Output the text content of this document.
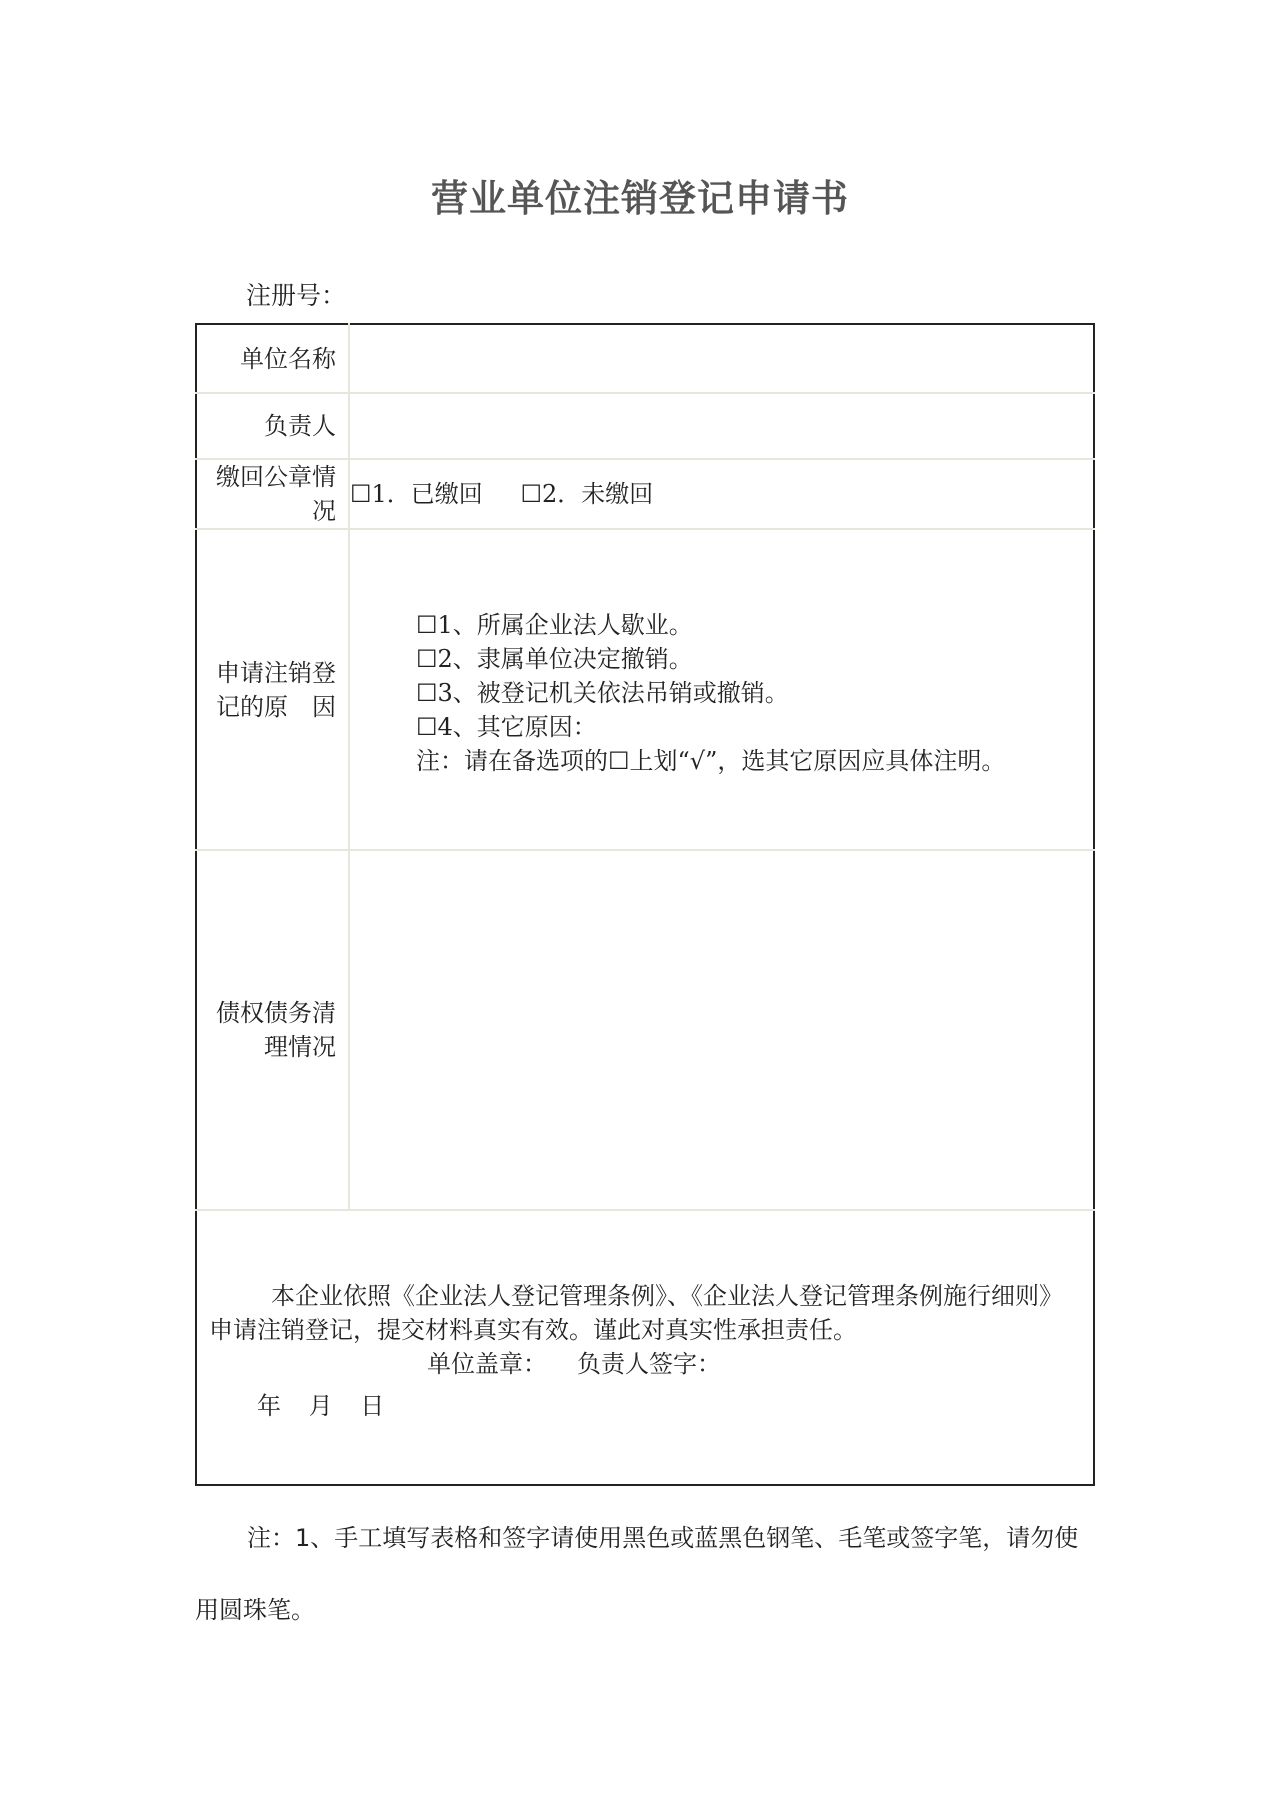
营业单位注销登记申请书
注册号：
单位名称	
负责人	
缴回公章情况	☐1．已缴回 ☐2．未缴回
申请注销登记的原　因	☐1、所属企业法人歇业。
☐2、隶属单位决定撤销。
☐3、被登记机关依法吊销或撤销。
☐4、其它原因：
注：请在备选项的☐上划“√”，选其它原因应具体注明。

债权债务清理情况	

本企业依照《企业法人登记管理条例》、《企业法人登记管理条例施行细则》申请注销登记，提交材料真实有效。谨此对真实性承担责任。
单位盖章： 负责人签字：
年 月 日	
注：1、手工填写表格和签字请使用黑色或蓝黑色钢笔、毛笔或签字笔，请勿使用圆珠笔。
